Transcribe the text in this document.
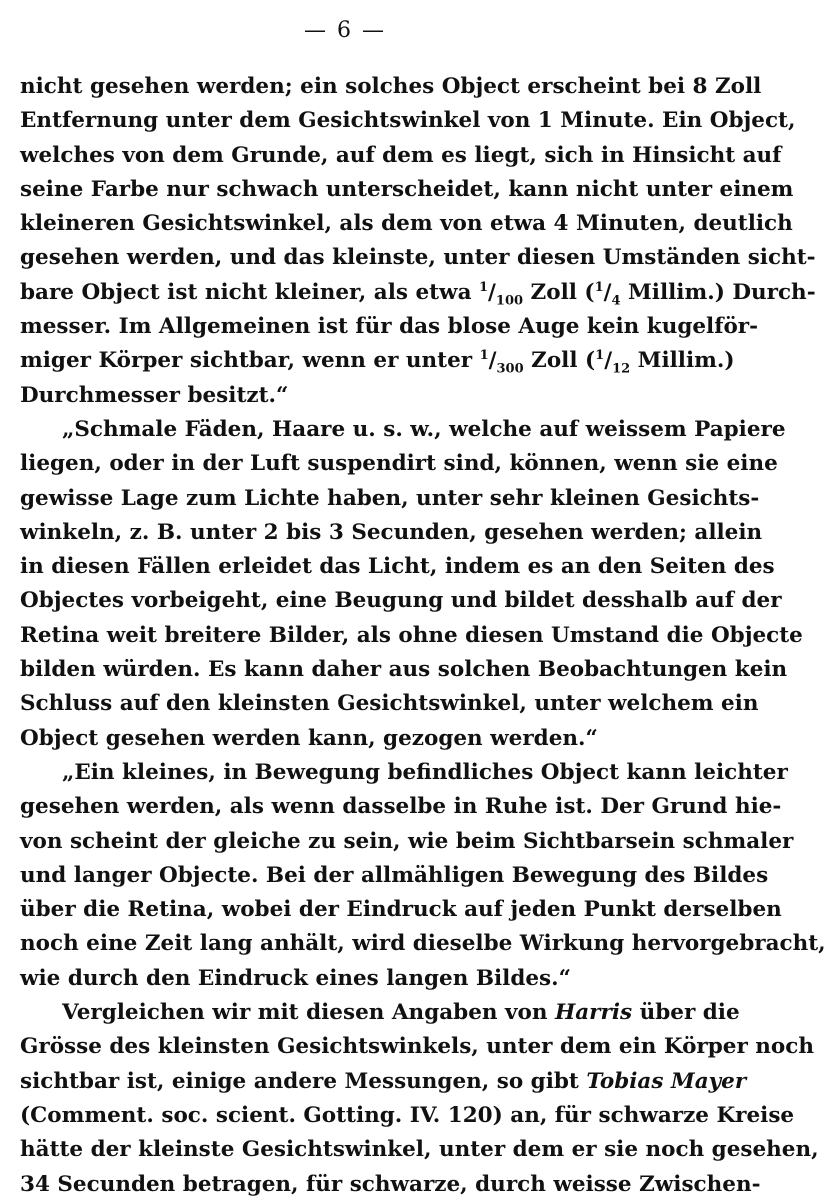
— 6 —
nicht gesehen werden; ein solches Object erscheint bei 8 Zoll
Entfernung unter dem Gesichtswinkel von 1 Minute. Ein Object,
welches von dem Grunde, auf dem es liegt, sich in Hinsicht auf
seine Farbe nur schwach unterscheidet, kann nicht unter einem
kleineren Gesichtswinkel, als dem von etwa 4 Minuten, deutlich
gesehen werden, und das kleinste, unter diesen Umständen sicht-
bare Object ist nicht kleiner, als etwa $^1/_{100}$ Zoll ($^1/_4$ Millim.) Durch-
messer. Im Allgemeinen ist für das blose Auge kein kugelför-
miger Körper sichtbar, wenn er unter $^1/_{300}$ Zoll ($^1/_{12}$ Millim.)
Durchmesser besitzt.“
„Schmale Fäden, Haare u. s. w., welche auf weissem Papiere
liegen, oder in der Luft suspendirt sind, können, wenn sie eine
gewisse Lage zum Lichte haben, unter sehr kleinen Gesichts-
winkeln, z. B. unter 2 bis 3 Secunden, gesehen werden; allein
in diesen Fällen erleidet das Licht, indem es an den Seiten des
Objectes vorbeigeht, eine Beugung und bildet desshalb auf der
Retina weit breitere Bilder, als ohne diesen Umstand die Objecte
bilden würden. Es kann daher aus solchen Beobachtungen kein
Schluss auf den kleinsten Gesichtswinkel, unter welchem ein
Object gesehen werden kann, gezogen werden.“
„Ein kleines, in Bewegung befindliches Object kann leichter
gesehen werden, als wenn dasselbe in Ruhe ist. Der Grund hie-
von scheint der gleiche zu sein, wie beim Sichtbarsein schmaler
und langer Objecte. Bei der allmähligen Bewegung des Bildes
über die Retina, wobei der Eindruck auf jeden Punkt derselben
noch eine Zeit lang anhält, wird dieselbe Wirkung hervorgebracht,
wie durch den Eindruck eines langen Bildes.“
Vergleichen wir mit diesen Angaben von Harris über die
Grösse des kleinsten Gesichtswinkels, unter dem ein Körper noch
sichtbar ist, einige andere Messungen, so gibt Tobias Mayer
(Comment. soc. scient. Gotting. IV. 120) an, für schwarze Kreise
hätte der kleinste Gesichtswinkel, unter dem er sie noch gesehen,
34 Secunden betragen, für schwarze, durch weisse Zwischen-
